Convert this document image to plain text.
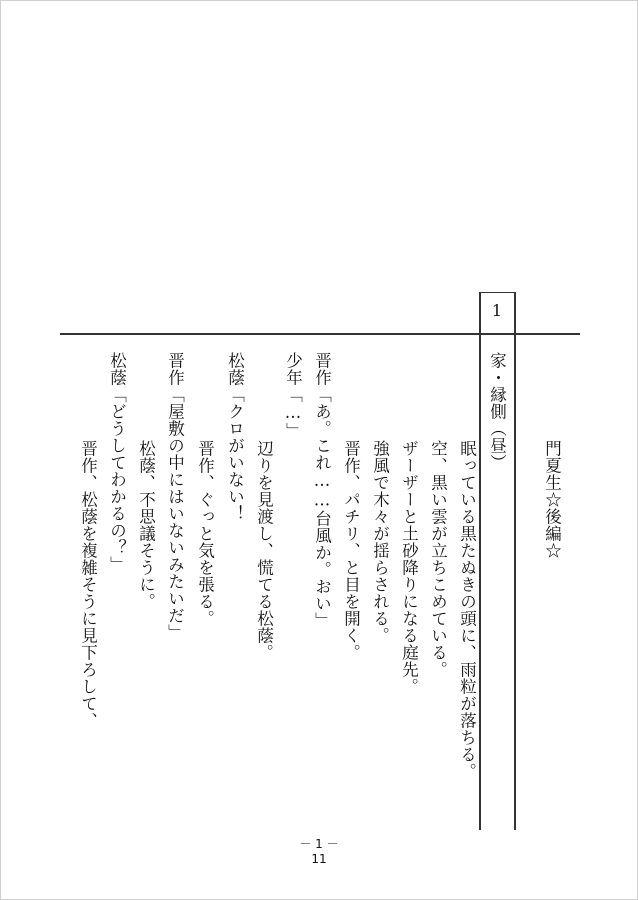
門夏生☆後編☆
1
家・縁側（昼）
眠っている黒たぬきの頭に、雨粒が落ちる。
空、黒い雲が立ちこめている。
ザーザーと土砂降りになる庭先。
強風で木々が揺らされる。
晋作、パチリ、と目を開く。
晋作「あ。これ……台風か。おい」
少年「…」
辺りを見渡し、慌てる松蔭。
松蔭「クロがいない！
晋作、ぐっと気を張る。
晋作「屋敷の中にはいないみたいだ」
松蔭、不思議そうに。
松蔭「どうしてわかるの？」
晋作、松蔭を複雑そうに見下ろして、
－ 1 －
11
